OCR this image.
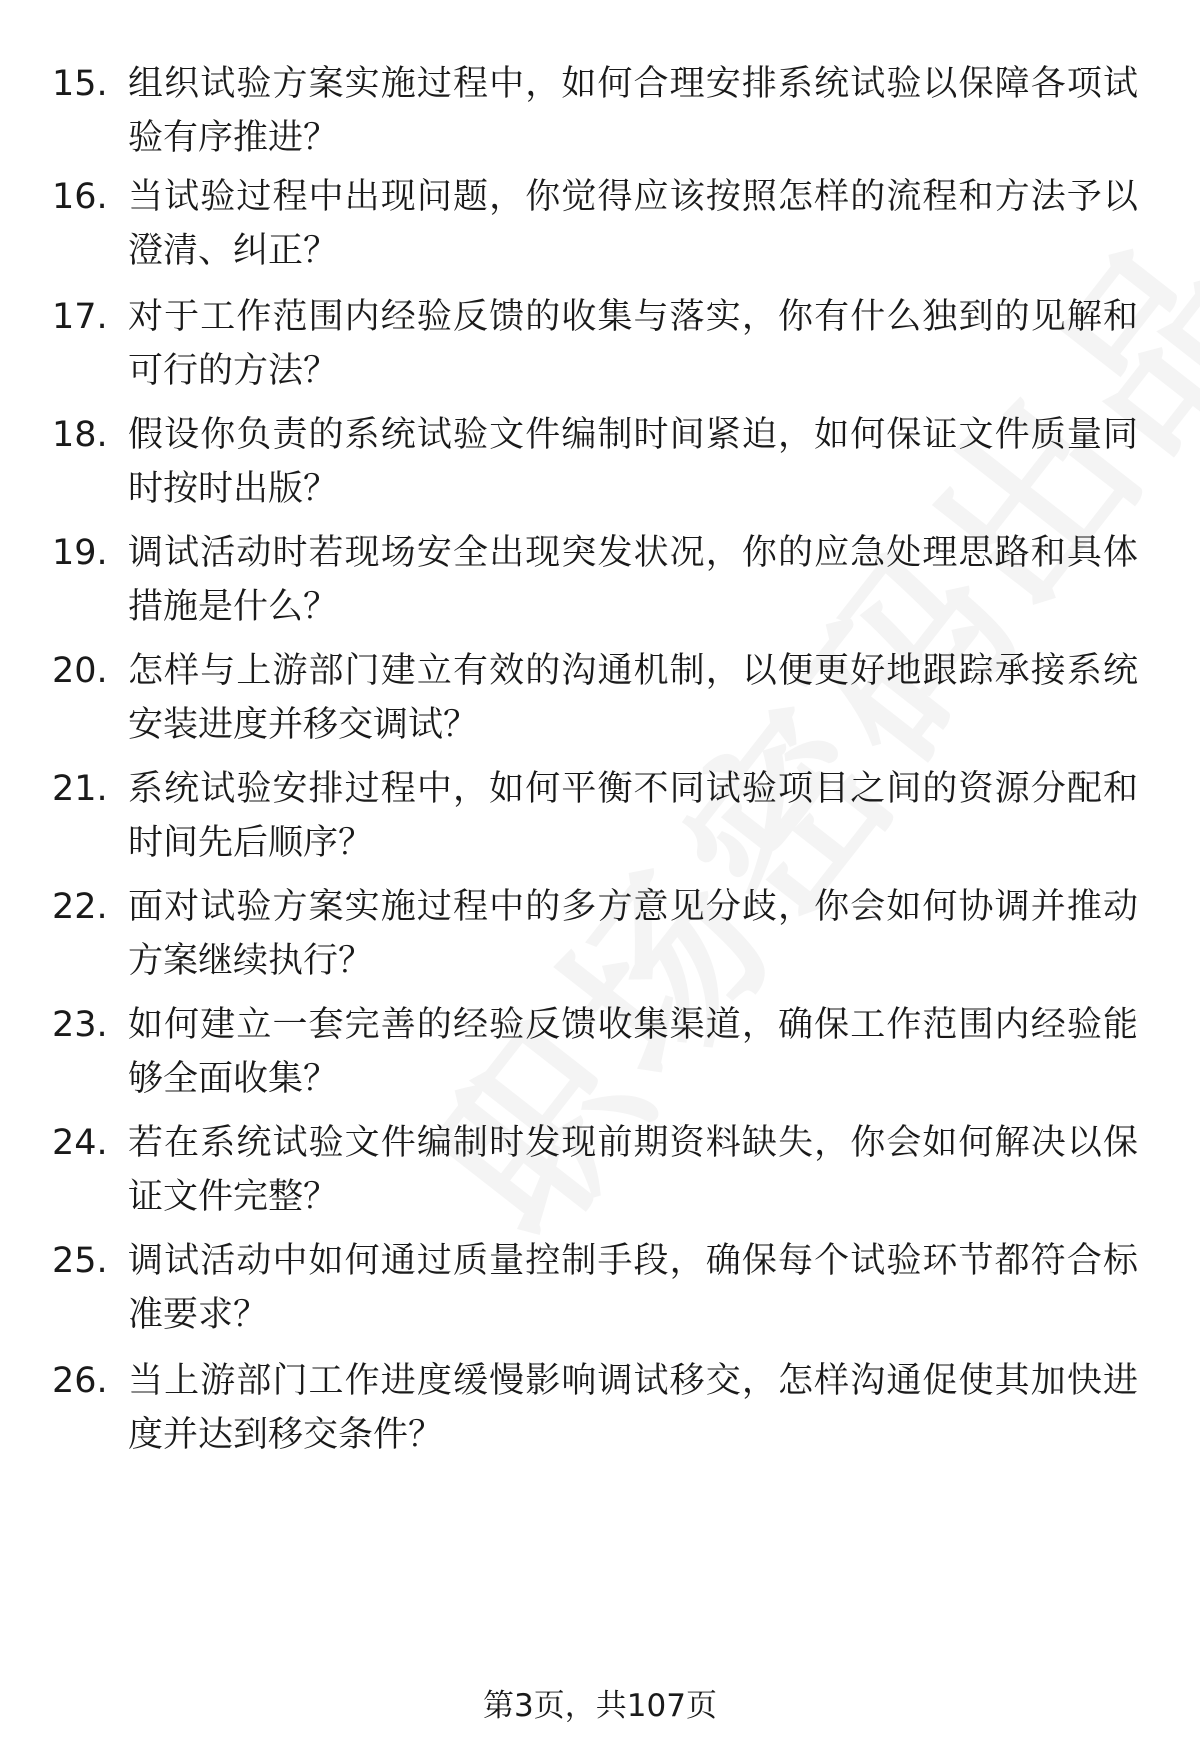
15. 组织试验方案实施过程中，如何合理安排系统试验以保障各项试验有序推进？
16. 当试验过程中出现问题，你觉得应该按照怎样的流程和方法予以澄清、纠正？
17. 对于工作范围内经验反馈的收集与落实，你有什么独到的见解和可行的方法？
18. 假设你负责的系统试验文件编制时间紧迫，如何保证文件质量同时按时出版？
19. 调试活动时若现场安全出现突发状况，你的应急处理思路和具体措施是什么？
20. 怎样与上游部门建立有效的沟通机制，以便更好地跟踪承接系统安装进度并移交调试？
21. 系统试验安排过程中，如何平衡不同试验项目之间的资源分配和时间先后顺序？
22. 面对试验方案实施过程中的多方意见分歧，你会如何协调并推动方案继续执行？
23. 如何建立一套完善的经验反馈收集渠道，确保工作范围内经验能够全面收集？
24. 若在系统试验文件编制时发现前期资料缺失，你会如何解决以保证文件完整？
25. 调试活动中如何通过质量控制手段，确保每个试验环节都符合标准要求？
26. 当上游部门工作进度缓慢影响调试移交，怎样沟通促使其加快进度并达到移交条件？
第3页，共107页
